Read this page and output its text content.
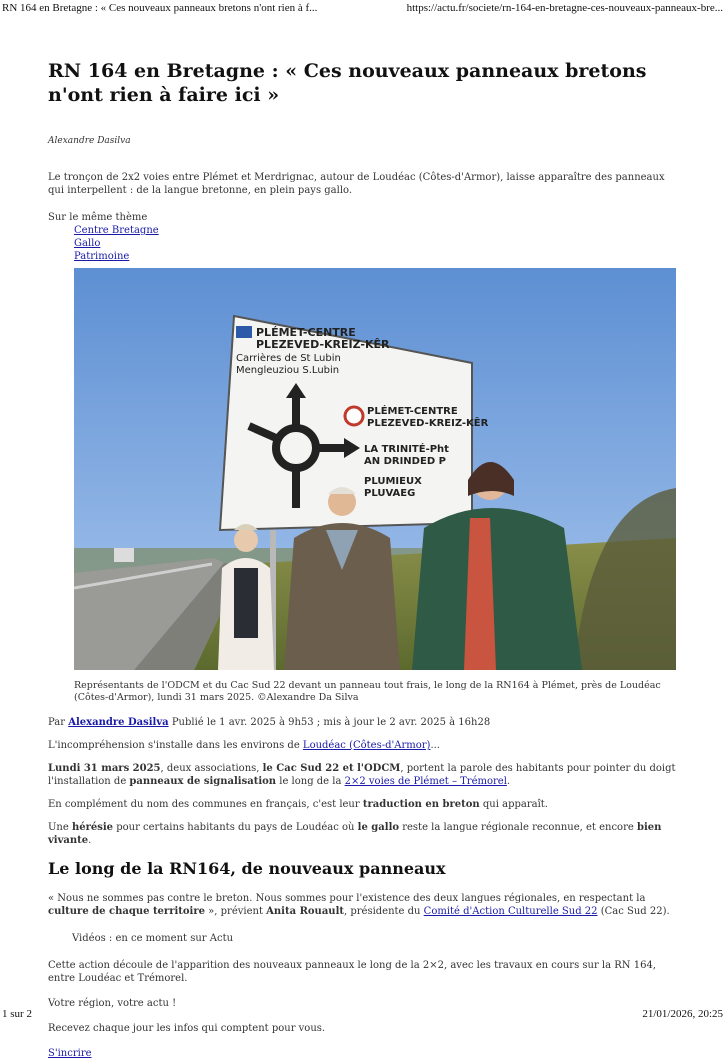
RN 164 en Bretagne : « Ces nouveaux panneaux bretons n'ont rien à f...	https://actu.fr/societe/rn-164-en-bretagne-ces-nouveaux-panneaux-bre...
RN 164 en Bretagne : « Ces nouveaux panneaux bretons n'ont rien à faire ici »

Alexandre Dasilva

Le tronçon de 2x2 voies entre Plémet et Merdrignac, autour de Loudéac (Côtes-d'Armor), laisse apparaître des panneaux qui interpellent : de la langue bretonne, en plein pays gallo.

Sur le même thème
Centre Bretagne
Gallo
Patrimoine
PLÉMET-CENTRE
PLEZEVED-KREIZ-KÊR
Carrières de St Lubin
Mengleuziou S.Lubin
PLÉMET-CENTRE
PLEZEVED-KREIZ-KÊR
LA TRINITÉ-Pht
AN DRINDED P
PLUMIEUX
PLUVAEG

Représentants de l'ODCM et du Cac Sud 22 devant un panneau tout frais, le long de la RN164 à Plémet, près de Loudéac (Côtes-d'Armor), lundi 31 mars 2025. ©Alexandre Da Silva

Par Alexandre Dasilva Publié le 1 avr. 2025 à 9h53 ; mis à jour le 2 avr. 2025 à 16h28

L'incompréhension s'installe dans les environs de Loudéac (Côtes-d'Armor)...

Lundi 31 mars 2025, deux associations, le Cac Sud 22 et l'ODCM, portent la parole des habitants pour pointer du doigt l'installation de panneaux de signalisation le long de la 2×2 voies de Plémet – Trémorel.

En complément du nom des communes en français, c'est leur traduction en breton qui apparaît.

Une hérésie pour certains habitants du pays de Loudéac où le gallo reste la langue régionale reconnue, et encore bien vivante.

Le long de la RN164, de nouveaux panneaux

« Nous ne sommes pas contre le breton. Nous sommes pour l'existence des deux langues régionales, en respectant la culture de chaque territoire », prévient Anita Rouault, présidente du Comité d'Action Culturelle Sud 22 (Cac Sud 22).

Vidéos : en ce moment sur Actu

Cette action découle de l'apparition des nouveaux panneaux le long de la 2×2, avec les travaux en cours sur la RN 164, entre Loudéac et Trémorel.

Votre région, votre actu !

Recevez chaque jour les infos qui comptent pour vous.

S'incrire
1 sur 2	21/01/2026, 20:25
